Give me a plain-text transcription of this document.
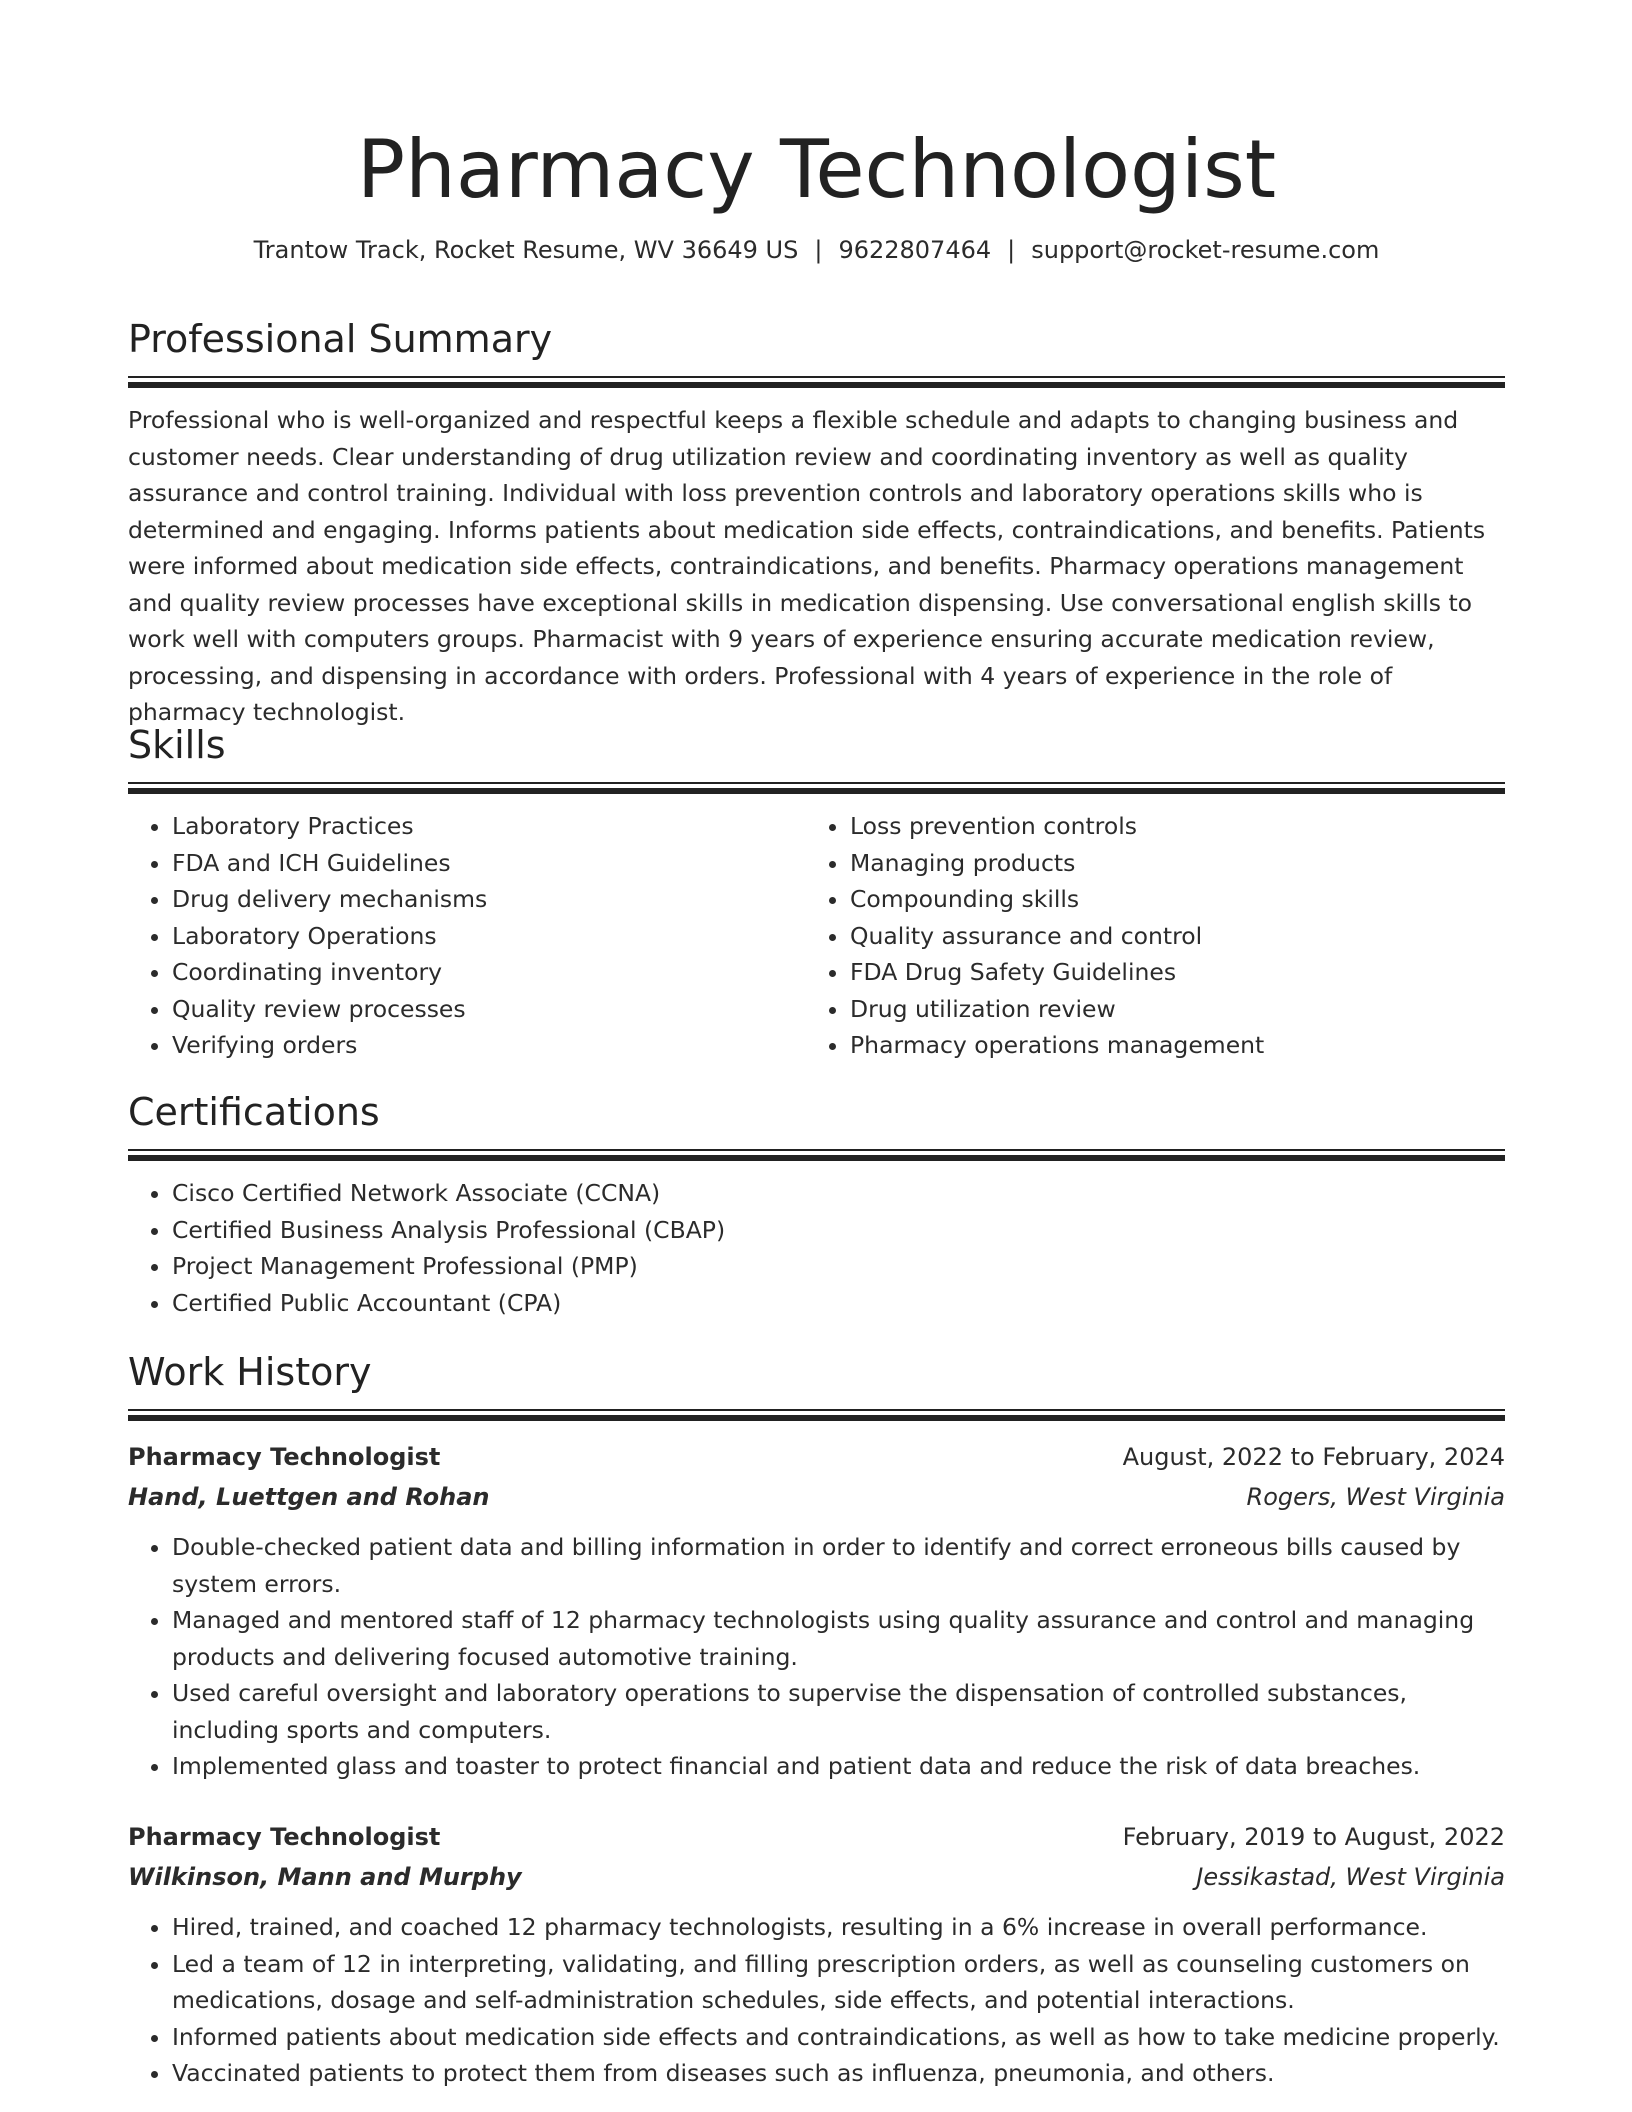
Pharmacy Technologist
Trantow Track, Rocket Resume, WV 36649 US | 9622807464 | support@rocket-resume.com
Professional Summary

Professional who is well-organized and respectful keeps a flexible schedule and adapts to changing business and customer needs. Clear understanding of drug utilization review and coordinating inventory as well as quality assurance and control training. Individual with loss prevention controls and laboratory operations skills who is determined and engaging. Informs patients about medication side effects, contraindications, and benefits. Patients were informed about medication side effects, contraindications, and benefits. Pharmacy operations management and quality review processes have exceptional skills in medication dispensing. Use conversational english skills to work well with computers groups. Pharmacist with 9 years of experience ensuring accurate medication review, processing, and dispensing in accordance with orders. Professional with 4 years of experience in the role of pharmacy technologist.

Skills
• Laboratory Practices
• FDA and ICH Guidelines
• Drug delivery mechanisms
• Laboratory Operations
• Coordinating inventory
• Quality review processes
• Verifying orders
• Loss prevention controls
• Managing products
• Compounding skills
• Quality assurance and control
• FDA Drug Safety Guidelines
• Drug utilization review
• Pharmacy operations management
Certifications
• Cisco Certified Network Associate (CCNA)
• Certified Business Analysis Professional (CBAP)
• Project Management Professional (PMP)
• Certified Public Accountant (CPA)
Work History
Pharmacy Technologist	August, 2022 to February, 2024
Hand, Luettgen and Rohan	Rogers, West Virginia
• Double-checked patient data and billing information in order to identify and correct erroneous bills caused by system errors.
• Managed and mentored staff of 12 pharmacy technologists using quality assurance and control and managing products and delivering focused automotive training.
• Used careful oversight and laboratory operations to supervise the dispensation of controlled substances, including sports and computers.
• Implemented glass and toaster to protect financial and patient data and reduce the risk of data breaches.
Pharmacy Technologist	February, 2019 to August, 2022
Wilkinson, Mann and Murphy	Jessikastad, West Virginia
• Hired, trained, and coached 12 pharmacy technologists, resulting in a 6% increase in overall performance.
• Led a team of 12 in interpreting, validating, and filling prescription orders, as well as counseling customers on medications, dosage and self-administration schedules, side effects, and potential interactions.
• Informed patients about medication side effects and contraindications, as well as how to take medicine properly.
• Vaccinated patients to protect them from diseases such as influenza, pneumonia, and others.
